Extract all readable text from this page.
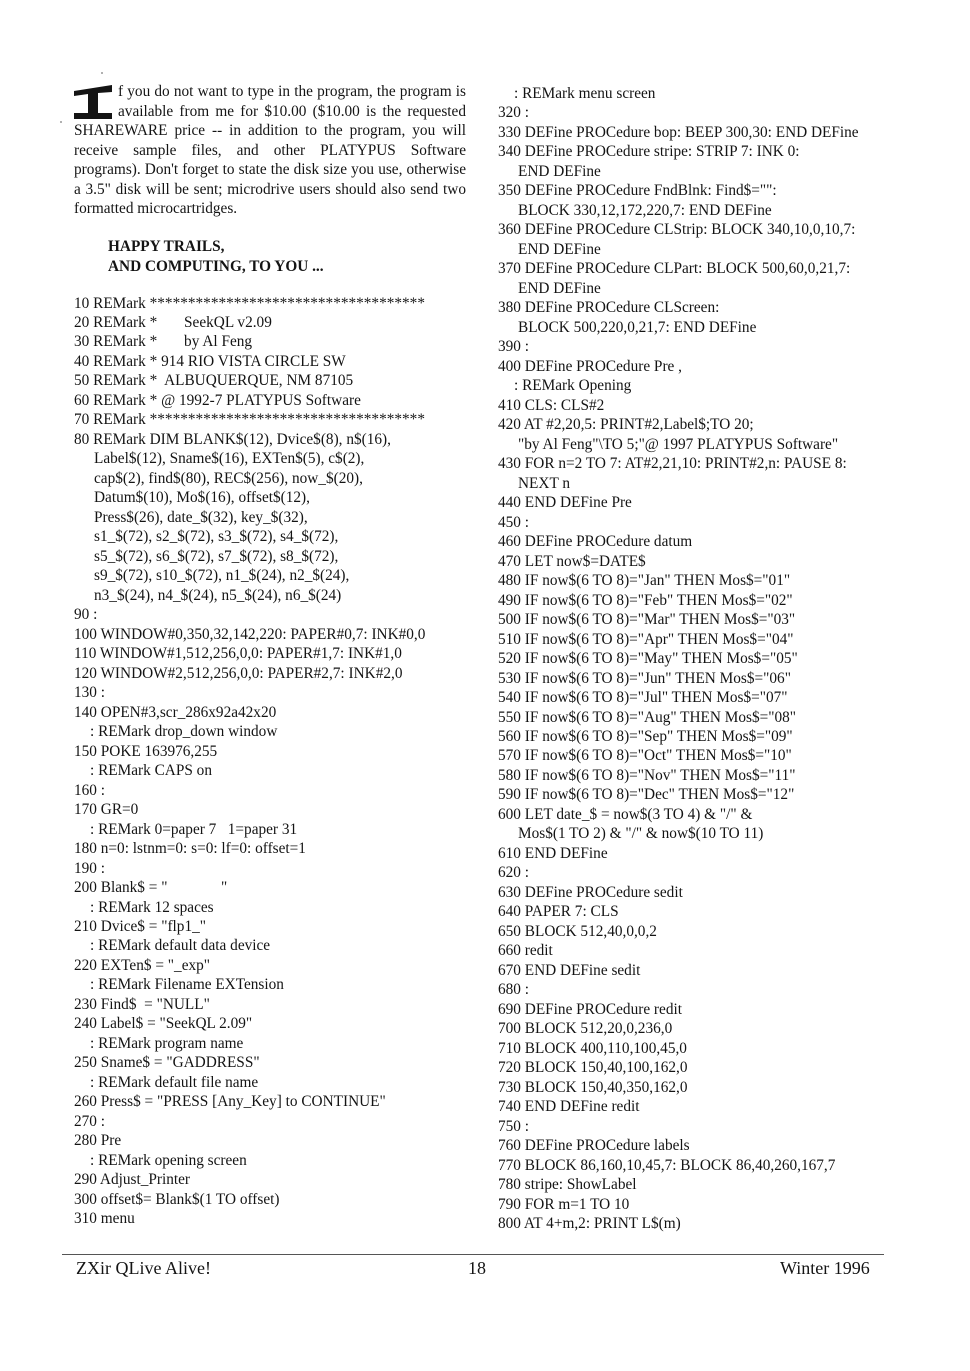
f you do not want to type in the program, the program is available from me for $10.00 ($10.00 is the requested SHAREWARE price -- in addition to the program, you will receive sample files, and other PLATYPUS Software programs). Don't forget to state the disk size you use, otherwise a 3.5" disk will be sent; microdrive users should also send two formatted microcartridges.

HAPPY TRAILS,
AND COMPUTING, TO YOU ...
10 REMark ************************************
20 REMark *       SeekQL v2.09
30 REMark *       by Al Feng
40 REMark * 914 RIO VISTA CIRCLE SW
50 REMark *  ALBUQUERQUE, NM 87105
60 REMark * @ 1992-7 PLATYPUS Software
70 REMark ************************************
80 REMark DIM BLANK$(12), Dvice$(8), n$(16),
Label$(12), Sname$(16), EXTen$(5), c$(2),
cap$(2), find$(80), REC$(256), now_$(20),
Datum$(10), Mo$(16), offset$(12),
Press$(26), date_$(32), key_$(32),
s1_$(72), s2_$(72), s3_$(72), s4_$(72),
s5_$(72), s6_$(72), s7_$(72), s8_$(72),
s9_$(72), s10_$(72), n1_$(24), n2_$(24),
n3_$(24), n4_$(24), n5_$(24), n6_$(24)
90 :
100 WINDOW#0,350,32,142,220: PAPER#0,7: INK#0,0
110 WINDOW#1,512,256,0,0: PAPER#1,7: INK#1,0
120 WINDOW#2,512,256,0,0: PAPER#2,7: INK#2,0
130 :
140 OPEN#3,scr_286x92a42x20
: REMark drop_down window
150 POKE 163976,255
: REMark CAPS on
160 :
170 GR=0
: REMark 0=paper 7   1=paper 31
180 n=0: lstnm=0: s=0: lf=0: offset=1
190 :
200 Blank$ = "              "
: REMark 12 spaces
210 Dvice$ = "flp1_"
: REMark default data device
220 EXTen$ = "_exp"
: REMark Filename EXTension
230 Find$  = "NULL"
240 Label$ = "SeekQL 2.09"
: REMark program name
250 Sname$ = "GADDRESS"
: REMark default file name
260 Press$ = "PRESS [Any_Key] to CONTINUE"
270 :
280 Pre
: REMark opening screen
290 Adjust_Printer
300 offset$= Blank$(1 TO offset)
310 menu
: REMark menu screen
320 :
330 DEFine PROCedure bop: BEEP 300,30: END DEFine
340 DEFine PROCedure stripe: STRIP 7: INK 0:
END DEFine
350 DEFine PROCedure FndBlnk: Find$="":
BLOCK 330,12,172,220,7: END DEFine
360 DEFine PROCedure CLStrip: BLOCK 340,10,0,10,7:
END DEFine
370 DEFine PROCedure CLPart: BLOCK 500,60,0,21,7:
END DEFine
380 DEFine PROCedure CLScreen:
BLOCK 500,220,0,21,7: END DEFine
390 :
400 DEFine PROCedure Pre ,
: REMark Opening
410 CLS: CLS#2
420 AT #2,20,5: PRINT#2,Label$;TO 20;
"by Al Feng"\TO 5;"@ 1997 PLATYPUS Software"
430 FOR n=2 TO 7: AT#2,21,10: PRINT#2,n: PAUSE 8:
NEXT n
440 END DEFine Pre
450 :
460 DEFine PROCedure datum
470 LET now$=DATE$
480 IF now$(6 TO 8)="Jan" THEN Mos$="01"
490 IF now$(6 TO 8)="Feb" THEN Mos$="02"
500 IF now$(6 TO 8)="Mar" THEN Mos$="03"
510 IF now$(6 TO 8)="Apr" THEN Mos$="04"
520 IF now$(6 TO 8)="May" THEN Mos$="05"
530 IF now$(6 TO 8)="Jun" THEN Mos$="06"
540 IF now$(6 TO 8)="Jul" THEN Mos$="07"
550 IF now$(6 TO 8)="Aug" THEN Mos$="08"
560 IF now$(6 TO 8)="Sep" THEN Mos$="09"
570 IF now$(6 TO 8)="Oct" THEN Mos$="10"
580 IF now$(6 TO 8)="Nov" THEN Mos$="11"
590 IF now$(6 TO 8)="Dec" THEN Mos$="12"
600 LET date_$ = now$(3 TO 4) & "/" &
Mos$(1 TO 2) & "/" & now$(10 TO 11)
610 END DEFine
620 :
630 DEFine PROCedure sedit
640 PAPER 7: CLS
650 BLOCK 512,40,0,0,2
660 redit
670 END DEFine sedit
680 :
690 DEFine PROCedure redit
700 BLOCK 512,20,0,236,0
710 BLOCK 400,110,100,45,0
720 BLOCK 150,40,100,162,0
730 BLOCK 150,40,350,162,0
740 END DEFine redit
750 :
760 DEFine PROCedure labels
770 BLOCK 86,160,10,45,7: BLOCK 86,40,260,167,7
780 stripe: ShowLabel
790 FOR m=1 TO 10
800 AT 4+m,2: PRINT L$(m)
ZXir QLive Alive!	18	Winter 1996
